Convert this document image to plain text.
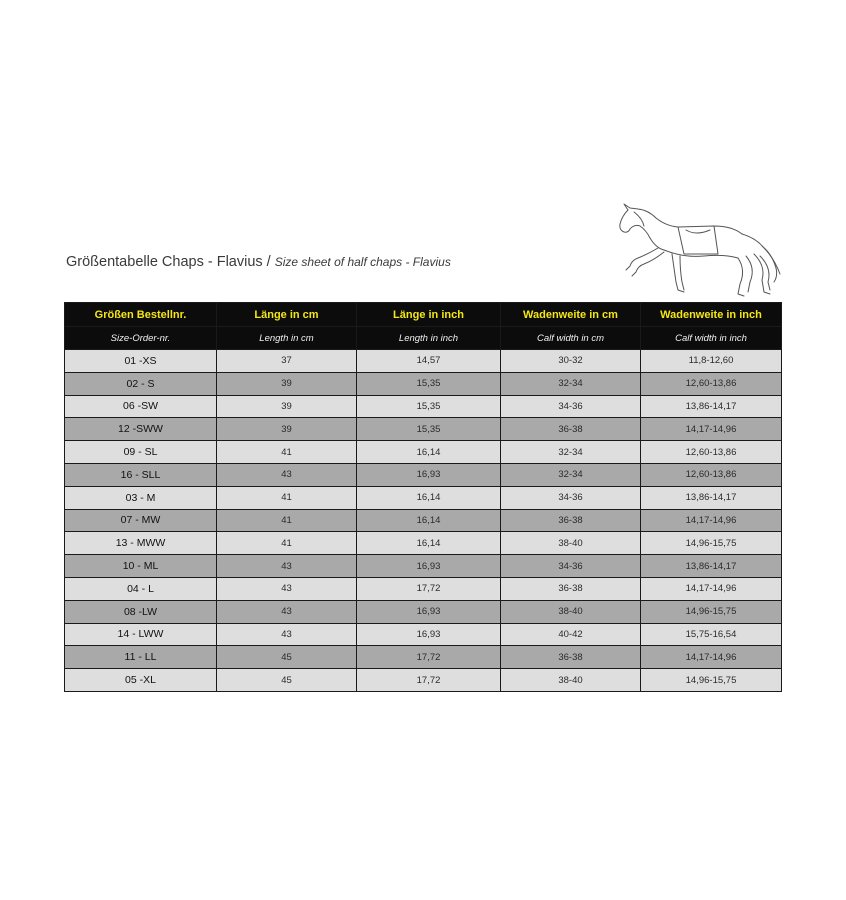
Größentabelle Chaps - Flavius / Size sheet of half chaps - Flavius
Größen Bestellnr.	Länge in cm	Länge in inch	Wadenweite in cm	Wadenweite in inch
Size-Order-nr.	Length in cm	Length in inch	Calf width in cm	Calf width in inch
01 -XS	37	14,57	30-32	11,8-12,60
02 - S	39	15,35	32-34	12,60-13,86
06 -SW	39	15,35	34-36	13,86-14,17
12 -SWW	39	15,35	36-38	14,17-14,96
09 - SL	41	16,14	32-34	12,60-13,86
16 - SLL	43	16,93	32-34	12,60-13,86
03 - M	41	16,14	34-36	13,86-14,17
07 - MW	41	16,14	36-38	14,17-14,96
13 - MWW	41	16,14	38-40	14,96-15,75
10 - ML	43	16,93	34-36	13,86-14,17
04 - L	43	17,72	36-38	14,17-14,96
08 -LW	43	16,93	38-40	14,96-15,75
14 - LWW	43	16,93	40-42	15,75-16,54
11 - LL	45	17,72	36-38	14,17-14,96
05 -XL	45	17,72	38-40	14,96-15,75
